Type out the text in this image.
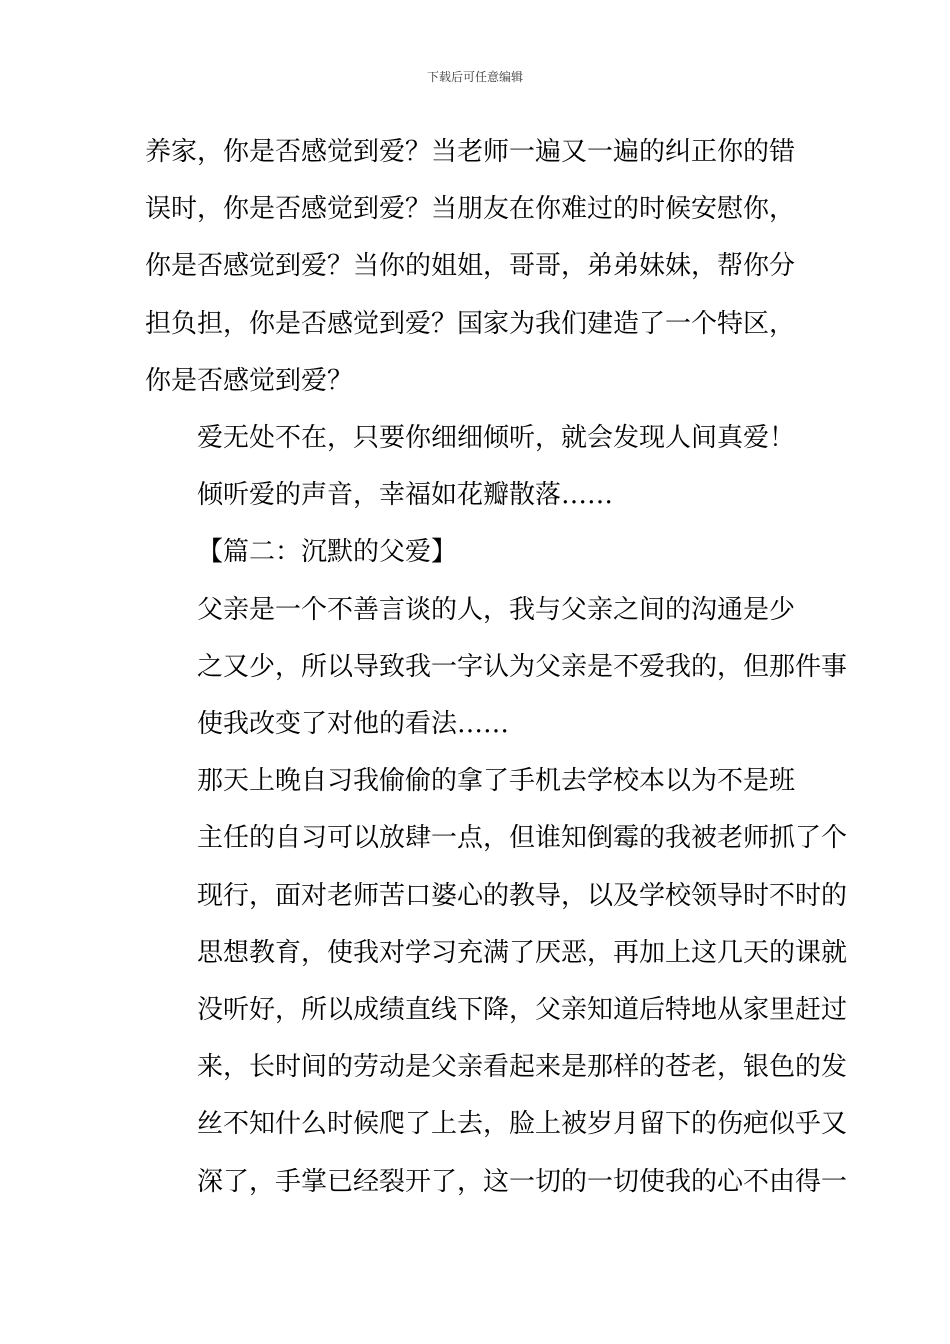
下载后可任意编辑

养家，你是否感觉到爱？当老师一遍又一遍的纠正你的错
误时，你是否感觉到爱？当朋友在你难过的时候安慰你，
你是否感觉到爱？当你的姐姐，哥哥，弟弟妹妹，帮你分
担负担，你是否感觉到爱？国家为我们建造了一个特区，
你是否感觉到爱？

爱无处不在，只要你细细倾听，就会发现人间真爱！
倾听爱的声音，幸福如花瓣散落……

【篇二：沉默的父爱】

父亲是一个不善言谈的人，我与父亲之间的沟通是少
之又少，所以导致我一字认为父亲是不爱我的，但那件事
使我改变了对他的看法……

那天上晚自习我偷偷的拿了手机去学校本以为不是班
主任的自习可以放肆一点，但谁知倒霉的我被老师抓了个
现行，面对老师苦口婆心的教导，以及学校领导时不时的
思想教育，使我对学习充满了厌恶，再加上这几天的课就
没听好，所以成绩直线下降，父亲知道后特地从家里赶过
来，长时间的劳动是父亲看起来是那样的苍老，银色的发
丝不知什么时候爬了上去，脸上被岁月留下的伤疤似乎又
深了，手掌已经裂开了，这一切的一切使我的心不由得一
